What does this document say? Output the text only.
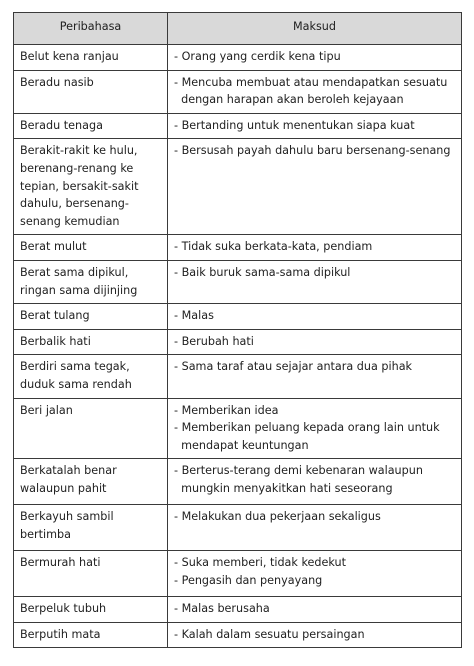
Peribahasa	Maksud

Belut kena ranjau	- Orang yang cerdik kena tipu

Beradu nasib	- Mencuba membuat atau mendapatkan sesuatu
dengan harapan akan beroleh kejayaan

Beradu tenaga	- Bertanding untuk menentukan siapa kuat

Berakit-rakit ke hulu,
berenang-renang ke
tepian, bersakit-sakit
dahulu, bersenang-
senang kemudian	- Bersusah payah dahulu baru bersenang-senang

Berat mulut	- Tidak suka berkata-kata, pendiam

Berat sama dipikul,
ringan sama dijinjing	- Baik buruk sama-sama dipikul

Berat tulang	- Malas

Berbalik hati	- Berubah hati

Berdiri sama tegak,
duduk sama rendah	- Sama taraf atau sejajar antara dua pihak

Beri jalan	- Memberikan idea
- Memberikan peluang kepada orang lain untuk
mendapat keuntungan

Berkatalah benar
walaupun pahit	- Berterus-terang demi kebenaran walaupun
mungkin menyakitkan hati seseorang

Berkayuh sambil
bertimba	- Melakukan dua pekerjaan sekaligus

Bermurah hati	- Suka memberi, tidak kedekut
- Pengasih dan penyayang

Berpeluk tubuh	- Malas berusaha

Berputih mata	- Kalah dalam sesuatu persaingan
